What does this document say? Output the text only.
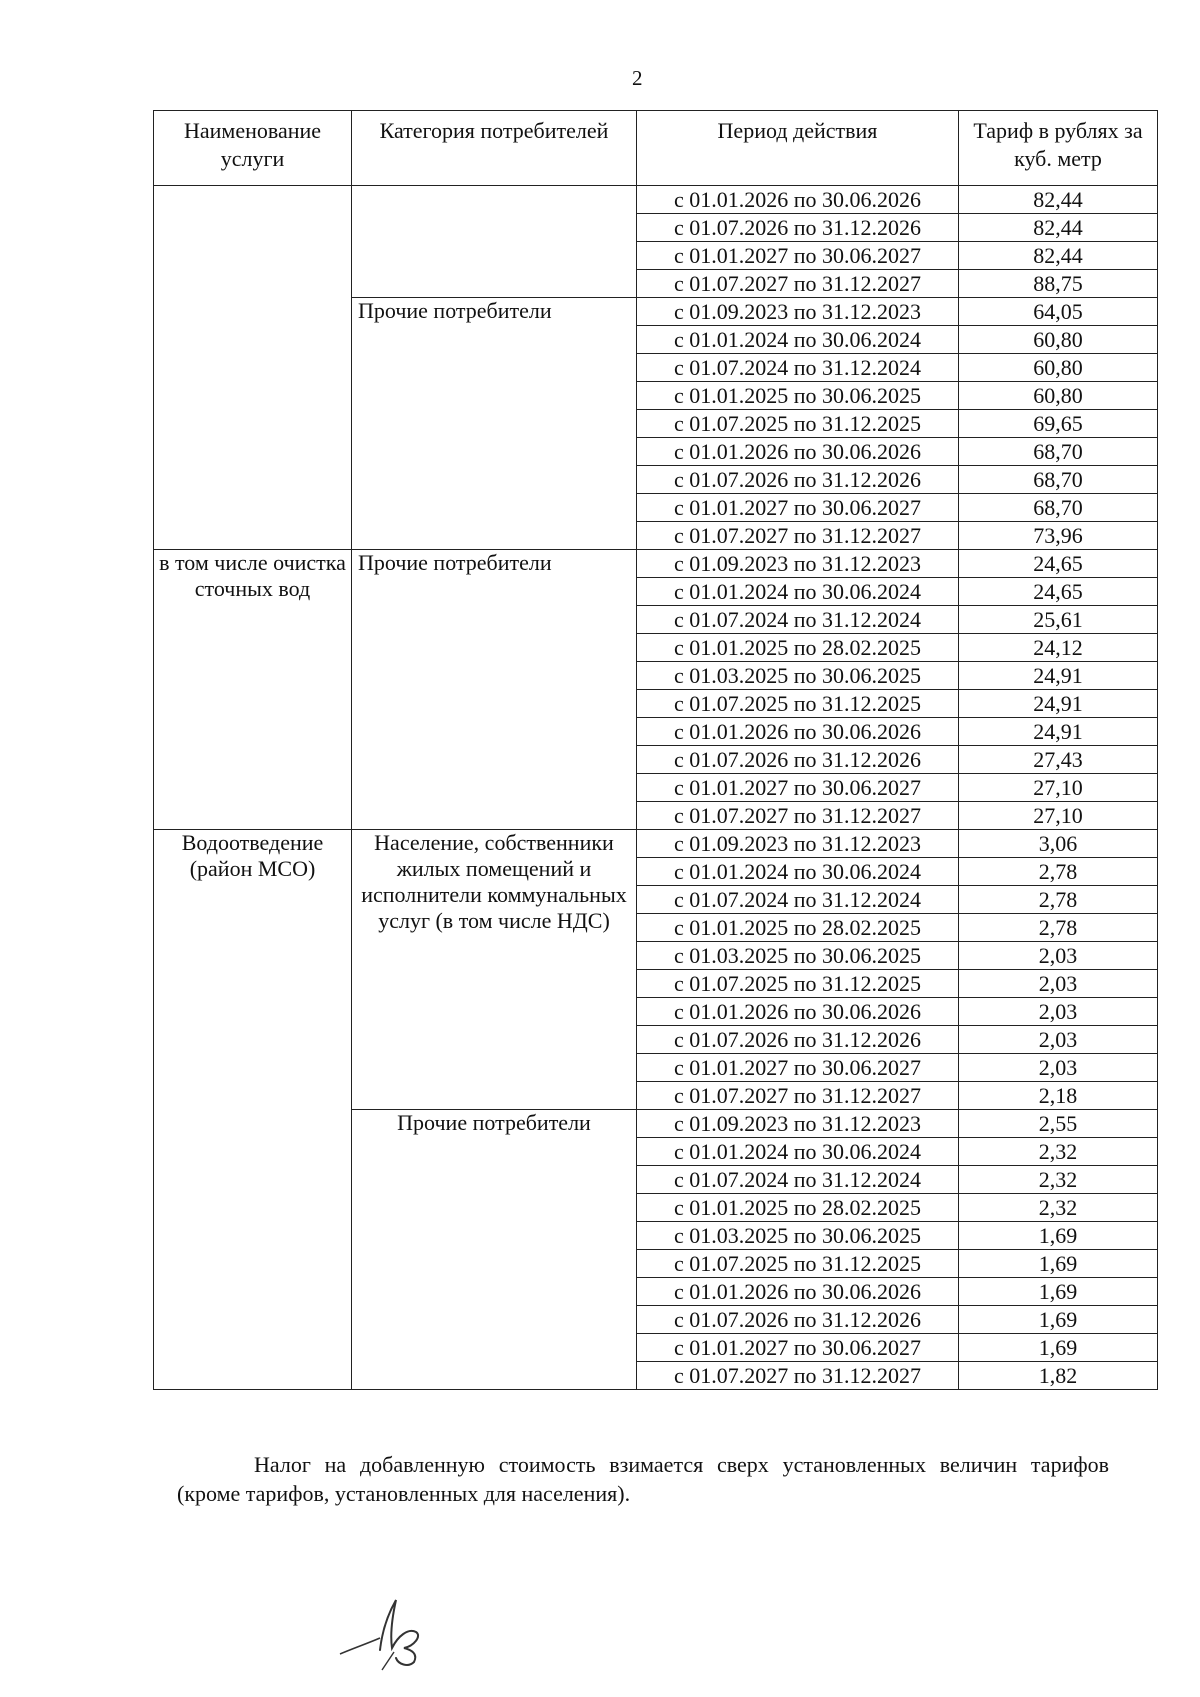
2
Наименование услуги	Категория потребителей	Период действия	Тариф в рублях за куб. метр
		с 01.01.2026 по 30.06.2026	82,44
		с 01.07.2026 по 31.12.2026	82,44
		с 01.01.2027 по 30.06.2027	82,44
		с 01.07.2027 по 31.12.2027	88,75
	Прочие потребители	с 01.09.2023 по 31.12.2023	64,05
		с 01.01.2024 по 30.06.2024	60,80
		с 01.07.2024 по 31.12.2024	60,80
		с 01.01.2025 по 30.06.2025	60,80
		с 01.07.2025 по 31.12.2025	69,65
		с 01.01.2026 по 30.06.2026	68,70
		с 01.07.2026 по 31.12.2026	68,70
		с 01.01.2027 по 30.06.2027	68,70
		с 01.07.2027 по 31.12.2027	73,96
в том числе очистка сточных вод	Прочие потребители	с 01.09.2023 по 31.12.2023	24,65
		с 01.01.2024 по 30.06.2024	24,65
		с 01.07.2024 по 31.12.2024	25,61
		с 01.01.2025 по 28.02.2025	24,12
		с 01.03.2025 по 30.06.2025	24,91
		с 01.07.2025 по 31.12.2025	24,91
		с 01.01.2026 по 30.06.2026	24,91
		с 01.07.2026 по 31.12.2026	27,43
		с 01.01.2027 по 30.06.2027	27,10
		с 01.07.2027 по 31.12.2027	27,10
Водоотведение (район МСО)	Население, собственники жилых помещений и исполнители коммунальных услуг (в том числе НДС)	с 01.09.2023 по 31.12.2023	3,06
		с 01.01.2024 по 30.06.2024	2,78
		с 01.07.2024 по 31.12.2024	2,78
		с 01.01.2025 по 28.02.2025	2,78
		с 01.03.2025 по 30.06.2025	2,03
		с 01.07.2025 по 31.12.2025	2,03
		с 01.01.2026 по 30.06.2026	2,03
		с 01.07.2026 по 31.12.2026	2,03
		с 01.01.2027 по 30.06.2027	2,03
		с 01.07.2027 по 31.12.2027	2,18
	Прочие потребители	с 01.09.2023 по 31.12.2023	2,55
		с 01.01.2024 по 30.06.2024	2,32
		с 01.07.2024 по 31.12.2024	2,32
		с 01.01.2025 по 28.02.2025	2,32
		с 01.03.2025 по 30.06.2025	1,69
		с 01.07.2025 по 31.12.2025	1,69
		с 01.01.2026 по 30.06.2026	1,69
		с 01.07.2026 по 31.12.2026	1,69
		с 01.01.2027 по 30.06.2027	1,69
		с 01.07.2027 по 31.12.2027	1,82

Налог на добавленную стоимость взимается сверх установленных величин тарифов (кроме тарифов, установленных для населения).
